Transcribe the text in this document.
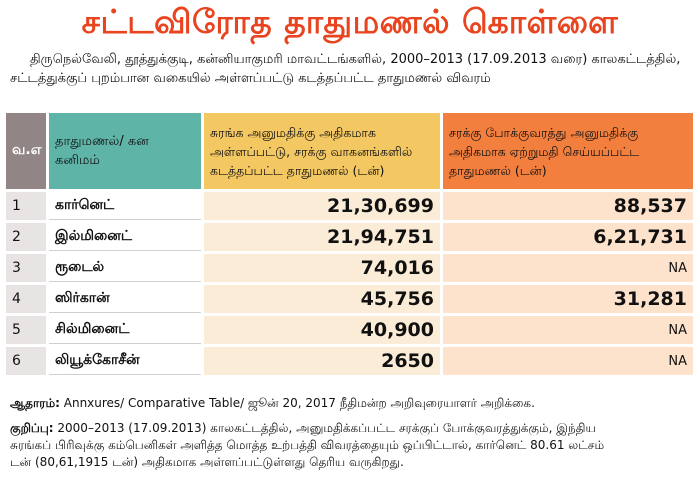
சட்டவிரோத தாதுமணல் கொள்ளை
திருநெல்வேலி, தூத்துக்குடி, கன்னியாகுமரி மாவட்டங்களில், 2000–2013 (17.09.2013 வரை) காலகட்டத்தில்,
சட்டத்துக்குப் புறம்பான வகையில் அள்ளப்பட்டு கடத்தப்பட்ட தாதுமணல் விவரம்
வ.எ	தாதுமணல்/ கன கனிமம்	சுரங்க அனுமதிக்கு அதிகமாக அள்ளப்பட்டு, சரக்கு வாகனங்களில் கடத்தப்பட்ட தாதுமணல் (டன்)	சரக்கு போக்குவரத்து அனுமதிக்கு அதிகமாக ஏற்றுமதி செய்யப்பட்ட தாதுமணல் (டன்)
1	கார்னெட்	21,30,699	88,537
2	இல்மினைட்	21,94,751	6,21,731
3	ரூடைல்	74,016	NA
4	ஸிர்கான்	45,756	31,281
5	சில்மினைட்	40,900	NA
6	லியூக்கோசீன்	2650	NA
ஆதாரம்: Annxures/ Comparative Table/ ஜூன் 20, 2017 நீதிமன்ற அறிவுரையாளர் அறிக்கை.
குறிப்பு: 2000–2013 (17.09.2013) காலகட்டத்தில், அனுமதிக்கப்பட்ட சரக்குப் போக்குவரத்துக்கும், இந்திய
சுரங்கப் பிரிவுக்கு கம்பெனிகள் அளித்த மொத்த உற்பத்தி விவரத்தையும் ஒப்பிட்டால், கார்னெட் 80.61 லட்சம்
டன் (80,61,1915 டன்) அதிகமாக அள்ளப்பட்டுள்ளது தெரிய வருகிறது.
